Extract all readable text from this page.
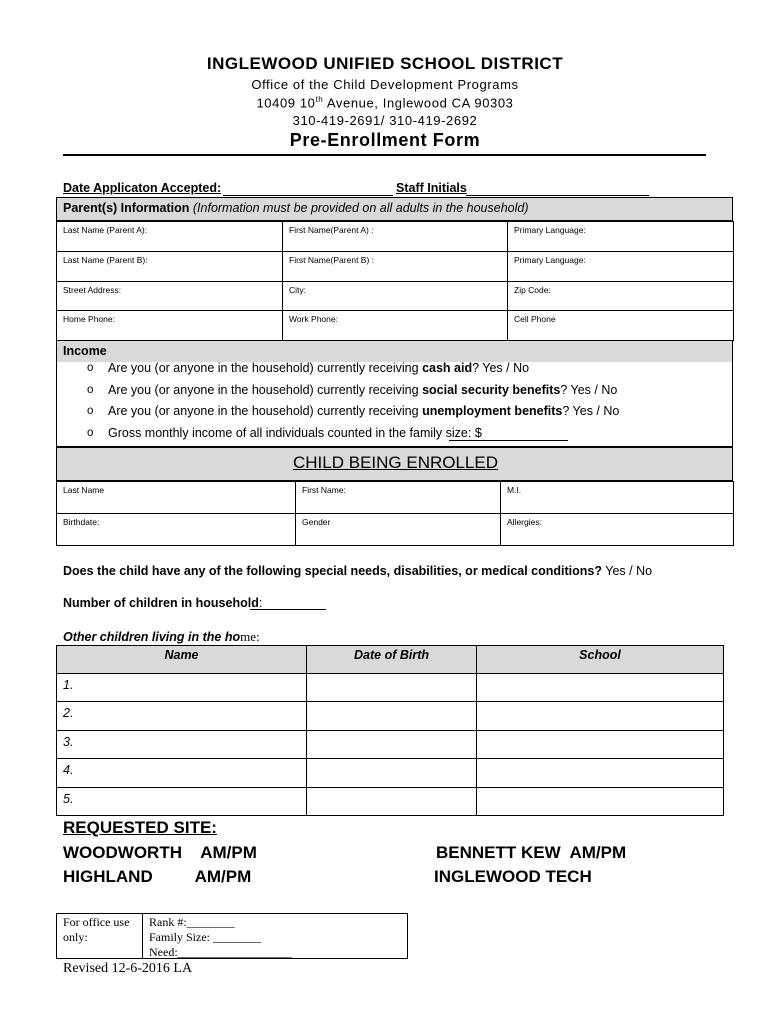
INGLEWOOD UNIFIED SCHOOL DISTRICT
Office of the Child Development Programs
10409 10th Avenue, Inglewood CA 90303
310-419-2691/ 310-419-2692
Pre-Enrollment Form
Date Applicaton Accepted:	Staff Initials
Parent(s) Information (Information must be provided on all adults in the household)
Last Name (Parent A):	First Name(Parent A) :	Primary Language:
Last Name (Parent B):	First Name(Parent B) :	Primary Language:
Street Address:	City:	Zip Code:
Home Phone:	Work Phone:	Cell Phone
Income
o Are you (or anyone in the household) currently receiving cash aid? Yes / No
o Are you (or anyone in the household) currently receiving social security benefits? Yes / No
o Are you (or anyone in the household) currently receiving unemployment benefits? Yes / No
o Gross monthly income of all individuals counted in the family size: $
CHILD BEING ENROLLED
Last Name	First Name:	M.I.
Birthdate:	Gender	Allergies:
Does the child have any of the following special needs, disabilities, or medical conditions? Yes / No
Number of children in household:
Other children living in the home:
Name	Date of Birth	School
1.
2.
3.
4.
5.
REQUESTED SITE:
WOODWORTH    AM/PM
HIGHLAND         AM/PM
BENNETT KEW  AM/PM
INGLEWOOD TECH
For office use only:
Rank #:________
Family Size: ________
Need:___________________
Revised 12-6-2016 LA
